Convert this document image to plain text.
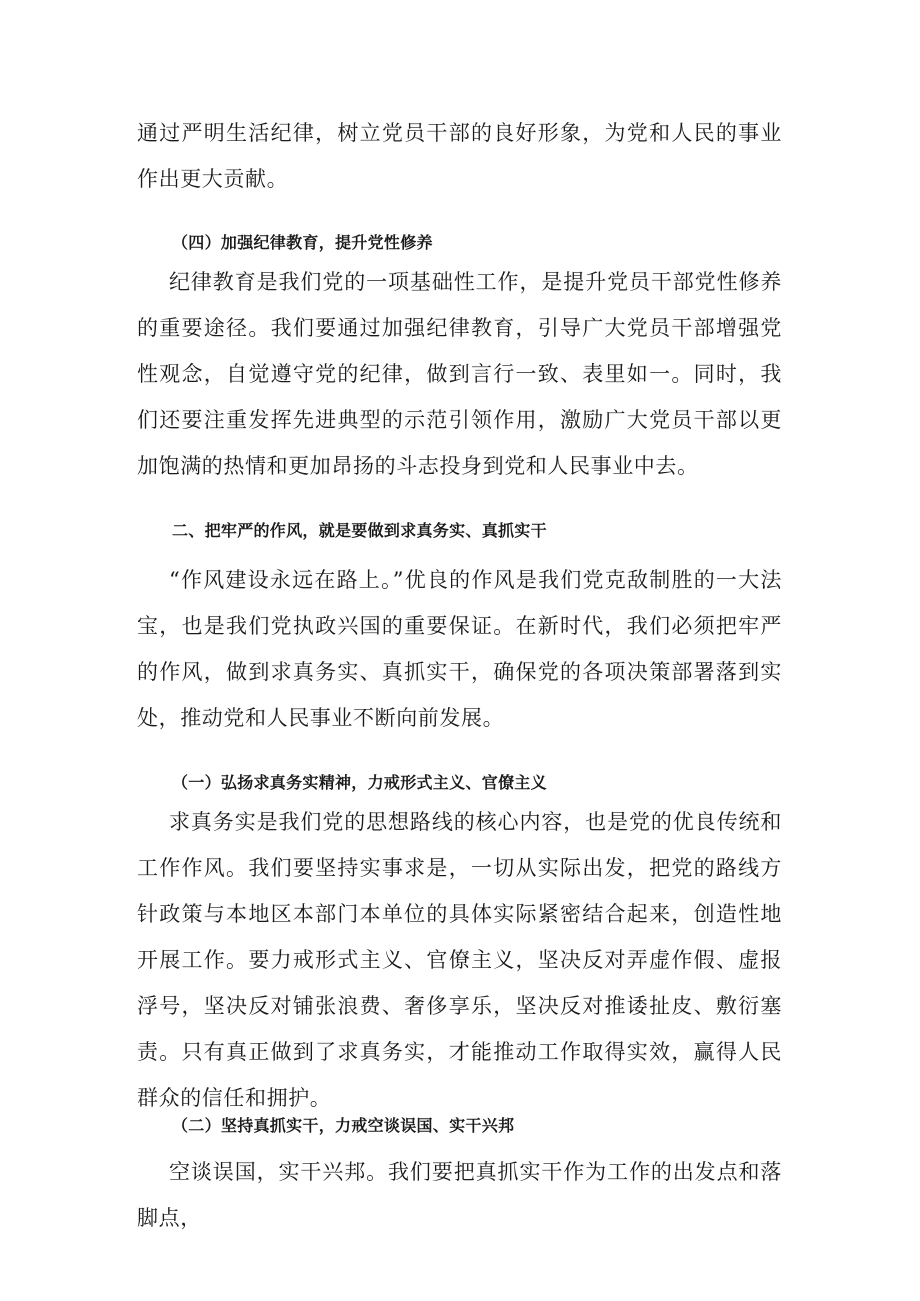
通过严明生活纪律，树立党员干部的良好形象，为党和人民的事业作出更大贡献。

（四）加强纪律教育，提升党性修养

纪律教育是我们党的一项基础性工作，是提升党员干部党性修养的重要途径。我们要通过加强纪律教育，引导广大党员干部增强党性观念，自觉遵守党的纪律，做到言行一致、表里如一。同时，我们还要注重发挥先进典型的示范引领作用，激励广大党员干部以更加饱满的热情和更加昂扬的斗志投身到党和人民事业中去。

二、把牢严的作风，就是要做到求真务实、真抓实干

“作风建设永远在路上。”优良的作风是我们党克敌制胜的一大法宝，也是我们党执政兴国的重要保证。在新时代，我们必须把牢严的作风，做到求真务实、真抓实干，确保党的各项决策部署落到实处，推动党和人民事业不断向前发展。

（一）弘扬求真务实精神，力戒形式主义、官僚主义

求真务实是我们党的思想路线的核心内容，也是党的优良传统和工作作风。我们要坚持实事求是，一切从实际出发，把党的路线方针政策与本地区本部门本单位的具体实际紧密结合起来，创造性地开展工作。要力戒形式主义、官僚主义，坚决反对弄虚作假、虚报浮号，坚决反对铺张浪费、奢侈享乐，坚决反对推诿扯皮、敷衍塞责。只有真正做到了求真务实，才能推动工作取得实效，赢得人民群众的信任和拥护。

（二）坚持真抓实干，力戒空谈误国、实干兴邦

空谈误国，实干兴邦。我们要把真抓实干作为工作的出发点和落脚点，
